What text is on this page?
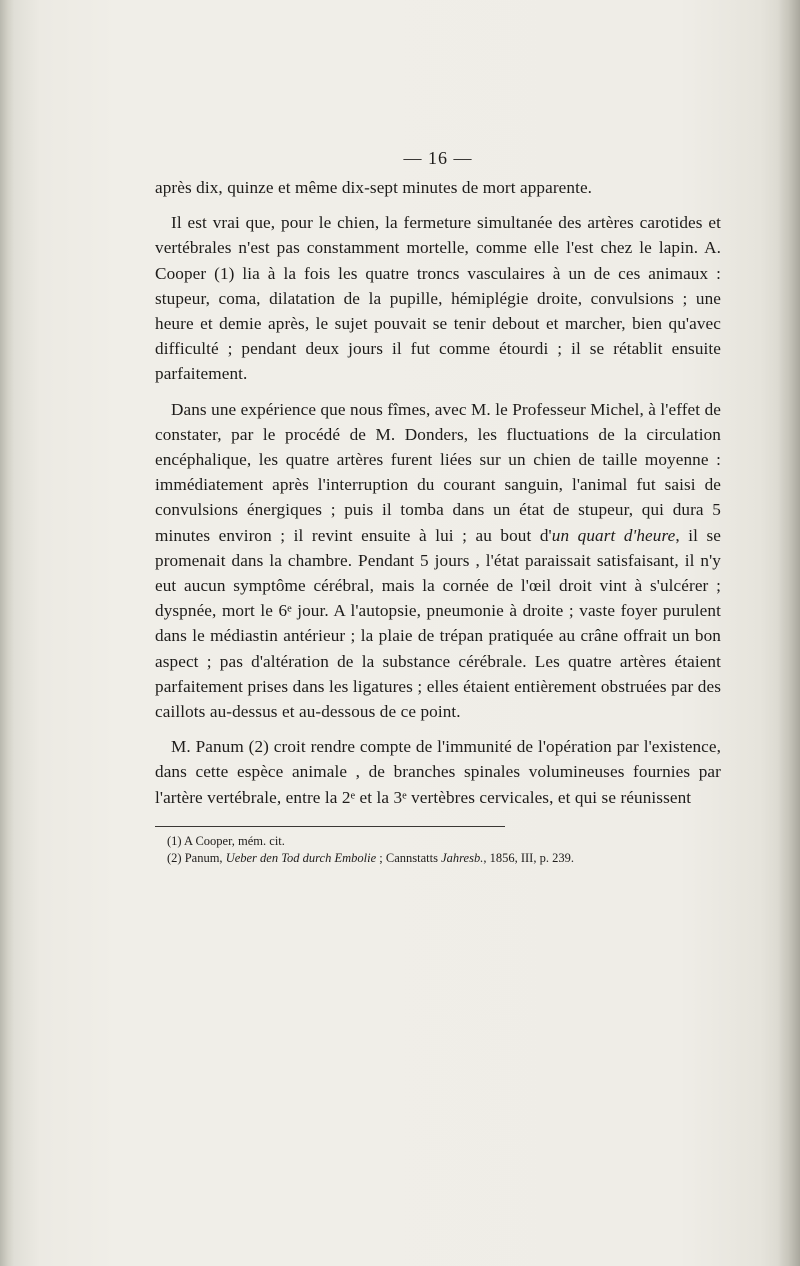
— 16 —

après dix, quinze et même dix-sept minutes de mort apparente.

Il est vrai que, pour le chien, la fermeture simultanée des artères carotides et vertébrales n'est pas constamment mortelle, comme elle l'est chez le lapin. A. Cooper (1) lia à la fois les quatre troncs vasculaires à un de ces animaux : stupeur, coma, dilatation de la pupille, hémiplégie droite, convulsions ; une heure et demie après, le sujet pouvait se tenir debout et marcher, bien qu'avec difficulté ; pendant deux jours il fut comme étourdi ; il se rétablit ensuite parfaitement.

Dans une expérience que nous fîmes, avec M. le Professeur Michel, à l'effet de constater, par le procédé de M. Donders, les fluctuations de la circulation encéphalique, les quatre artères furent liées sur un chien de taille moyenne : immédiatement après l'interruption du courant sanguin, l'animal fut saisi de convulsions énergiques ; puis il tomba dans un état de stupeur, qui dura 5 minutes environ ; il revint ensuite à lui ; au bout d'un quart d'heure, il se promenait dans la chambre. Pendant 5 jours , l'état paraissait satisfaisant, il n'y eut aucun symptôme cérébral, mais la cornée de l'œil droit vint à s'ulcérer ; dyspnée, mort le 6ᵉ jour. A l'autopsie, pneumonie à droite ; vaste foyer purulent dans le médiastin antérieur ; la plaie de trépan pratiquée au crâne offrait un bon aspect ; pas d'altération de la substance cérébrale. Les quatre artères étaient parfaitement prises dans les ligatures ; elles étaient entièrement obstruées par des caillots au-dessus et au-dessous de ce point.

M. Panum (2) croit rendre compte de l'immunité de l'opération par l'existence, dans cette espèce animale , de branches spinales volumineuses fournies par l'artère vertébrale, entre la 2ᵉ et la 3ᵉ vertèbres cervicales, et qui se réunissent

(1) A Cooper, mém. cit.

(2) Panum, Ueber den Tod durch Embolie ; Cannstatts Jahresb., 1856, III, p. 239.
